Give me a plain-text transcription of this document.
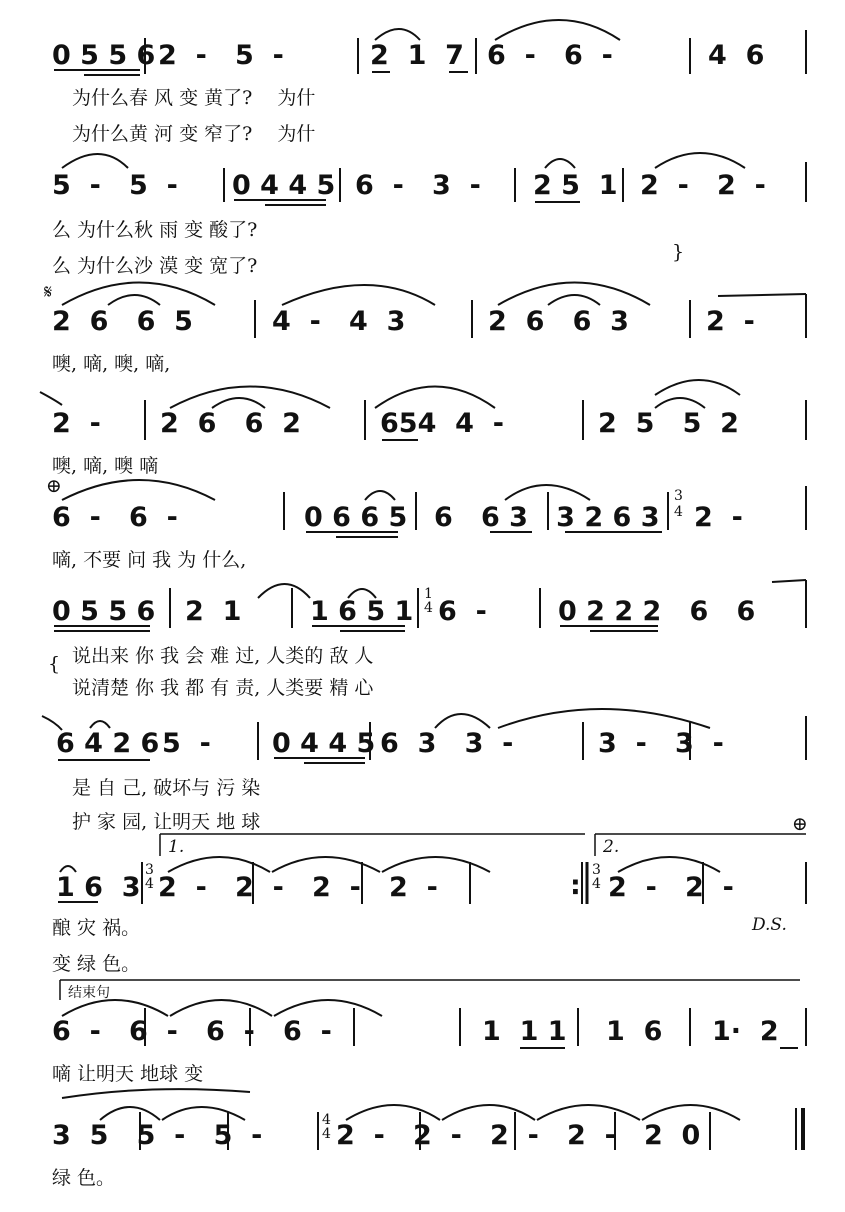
0 5 5 6 2  -   5  -	2  1  7 6  -   6  -	4  6
为什么春 风 变 黄了?　 为什
为什么黄 河 变 窄了?　 为什
5  -   5  - 0 4 4 5 6  -   3  - 2 5  1 2  -   2  -
么 为什么秋 雨 变 酸了?
么 为什么沙 漠 变 宽了?
}
𝄋
2  6   6  5	4  -   4  3	2  6   6  3	2  -
噢, 嘀, 噢, 嘀,
2  - 2  6   6  2	654  4  -	2  5   5  2
噢, 嘀, 噢 嘀
⊕
6  -   6  -	0 6 6 5 6   6 3   3 2 6 3
3
4 2  -
嘀, 不要 问 我 为 什么,
0 5 5 6 2  1	1 6 5 1
1
4 6  -	0 2 2 2   6   6
{ 说出来 你 我 会 难 过, 人类的 敌 人
说清楚 你 我 都 有 责, 人类要 精 心
6 4 2 6 5  - 0 4 4 5 6  3   3  -	3  -   3  -
是 自 己, 破坏与 污 染
护 家 园, 让明天 地 球	⊕
1.	2.
1 6  3
3
4 2  -   2  -   2  -   2  -	: 3
4 2  -   2  -
D.S.
酿 灾 祸。
变 绿 色。
结束句
6  -   6  -   6  -   6  -	1  1 1 1  6 1·  2
嘀 让明天 地球 变
3  5   5  -   5  -	4
4 2  -   2  -   2  -   2  -   2  0
绿 色。
